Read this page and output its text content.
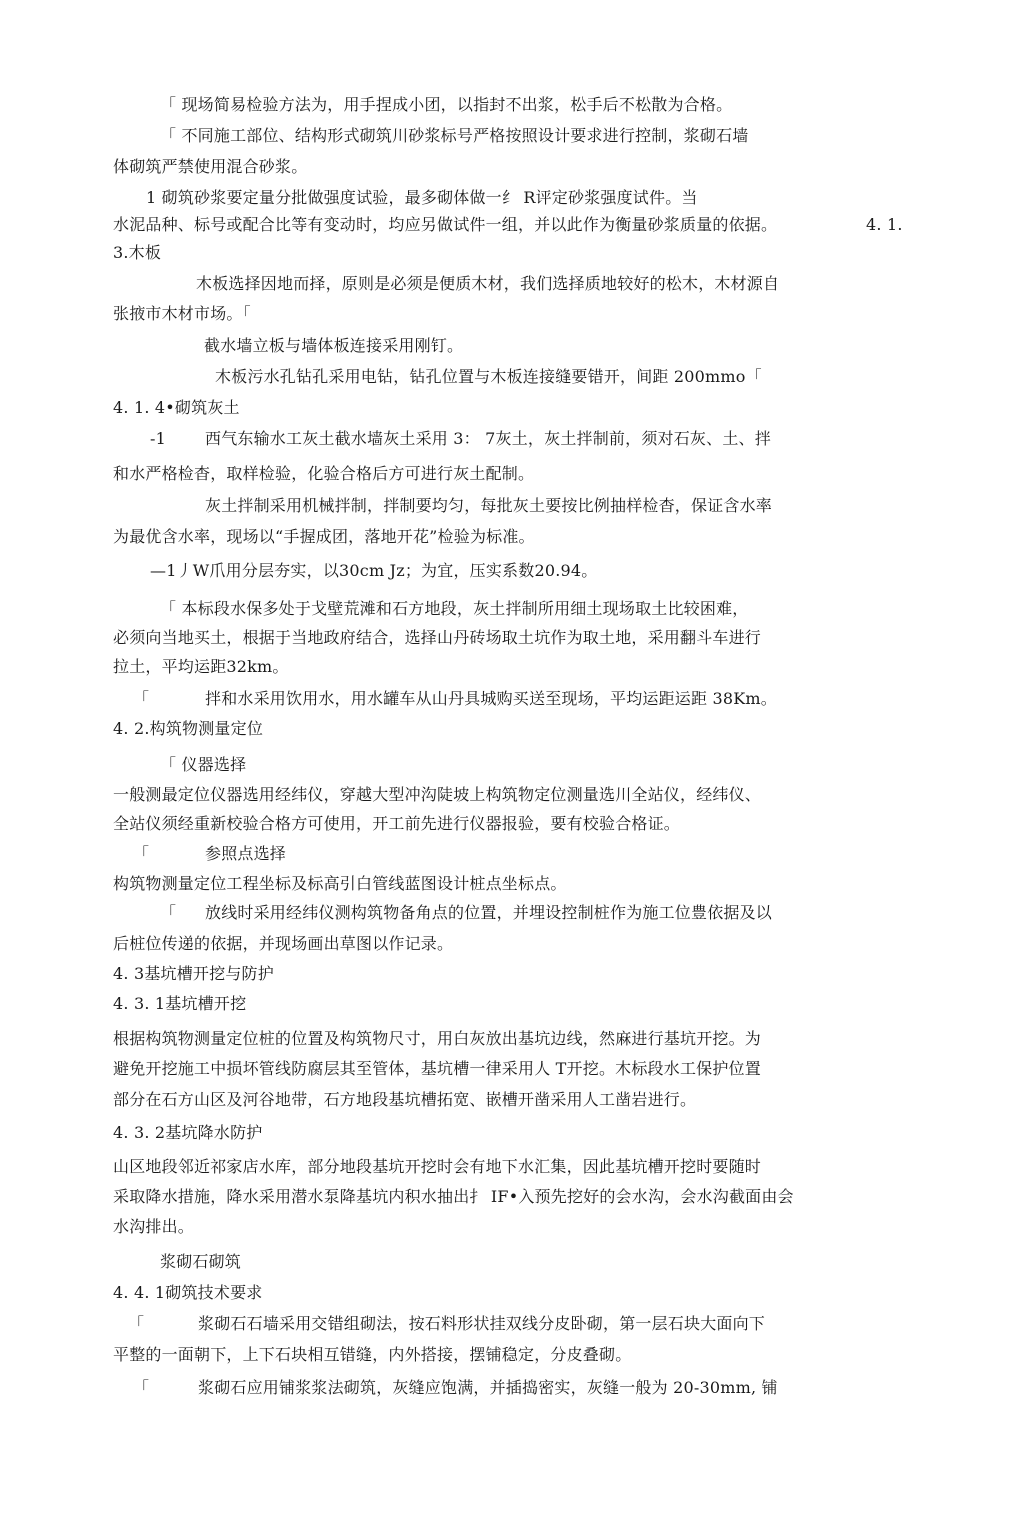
「 现场简易检验方法为，用手捏成小团，以指封不出浆，松手后不松散为合格。
「 不同施工部位、结构形式砌筑川砂浆标号严格按照设计要求进行控制，浆砌石墙
体砌筑严禁使用混合砂浆。
1 砌筑砂浆要定量分批做强度试验，最多砌体做一纟 R评定砂浆强度试件。当
水泥品种、标号或配合比等有变动时，均应另做试件一组，并以此作为衡量砂浆质量的依据。	4. 1.
3.木板
木板选择因地而择，原则是必须是便质木材，我们选择质地较好的松木，木材源自
张掖市木材市场。「
截水墙立板与墙体板连接采用刚钉。
木板污水孔钻孔采用电钻，钻孔位置与木板连接缝要错开，间距 200mmo「
4. 1. 4•砌筑灰土
-1 西气东输水工灰土截水墙灰土采用 3： 7灰土，灰土拌制前，须对石灰、土、拌
和水严格检杳，取样检验，化验合格后方可进行灰土配制。
灰土拌制采用机械拌制，拌制要均匀，每批灰土要按比例抽样检杳，保证含水率
为最优含水率，现场以“手握成团，落地开花”检验为标准。
—1丿W爪用分层夯实，以30cm Jz；为宜，压实系数20.94。
「 本标段水保多处于戈壁荒滩和石方地段，灰土拌制所用细土现场取土比较困难，
必须向当地买土，根据于当地政府结合，选择山丹砖场取土坑作为取土地，采用翻斗车进行
拉土，平均运距32km。
「	拌和水采用饮用水，用水罐车从山丹具城购买送至现场，平均运距运距 38Km。
4. 2.构筑物测量定位
「 仪器选择
一般测最定位仪器选用经纬仪，穿越大型冲沟陡坡上构筑物定位测量选川全站仪，经纬仪、
全站仪须经重新校验合格方可使用，开工前先进行仪器报验，要有校验合格证。
「	参照点选择
构筑物测量定位工程坐标及标高引白管线蓝图设计桩点坐标点。
「 放线时采用经纬仪测构筑物备角点的位置，并埋设控制桩作为施工位豊依据及以
后桩位传递的依据，并现场画出草图以作记录。
4. 3基坑槽开挖与防护
4. 3. 1基坑槽开挖
根据构筑物测量定位桩的位置及构筑物尺寸，用白灰放出基坑边线，然麻进行基坑开挖。为
避免开挖施工中损坏管线防腐层其至管体，基坑槽一律采用人 T开挖。木标段水工保护位置
部分在石方山区及河谷地带，石方地段基坑槽拓宽、嵌槽开凿采用人工凿岩进行。
4. 3. 2基坑降水防护
山区地段邻近祁家店水库，部分地段基坑开挖时会有地下水汇集，因此基坑槽开挖时要随时
采取降水措施，降水采用潜水泵降基坑内积水抽出扌 IF•入预先挖好的会水沟，会水沟截面由会
水沟排出。
浆砌石砌筑
4. 4. 1砌筑技术要求
「	浆砌石石墙采用交错组砌法，按石料形状挂双线分皮卧砌，第一层石块大面向下
平整的一面朝下，上下石块相互错缝，内外搭接，摆铺稳定，分皮叠砌。
「	浆砌石应用铺浆浆法砌筑，灰缝应饱满，并插捣密实，灰缝一般为 20-30mm, 铺
